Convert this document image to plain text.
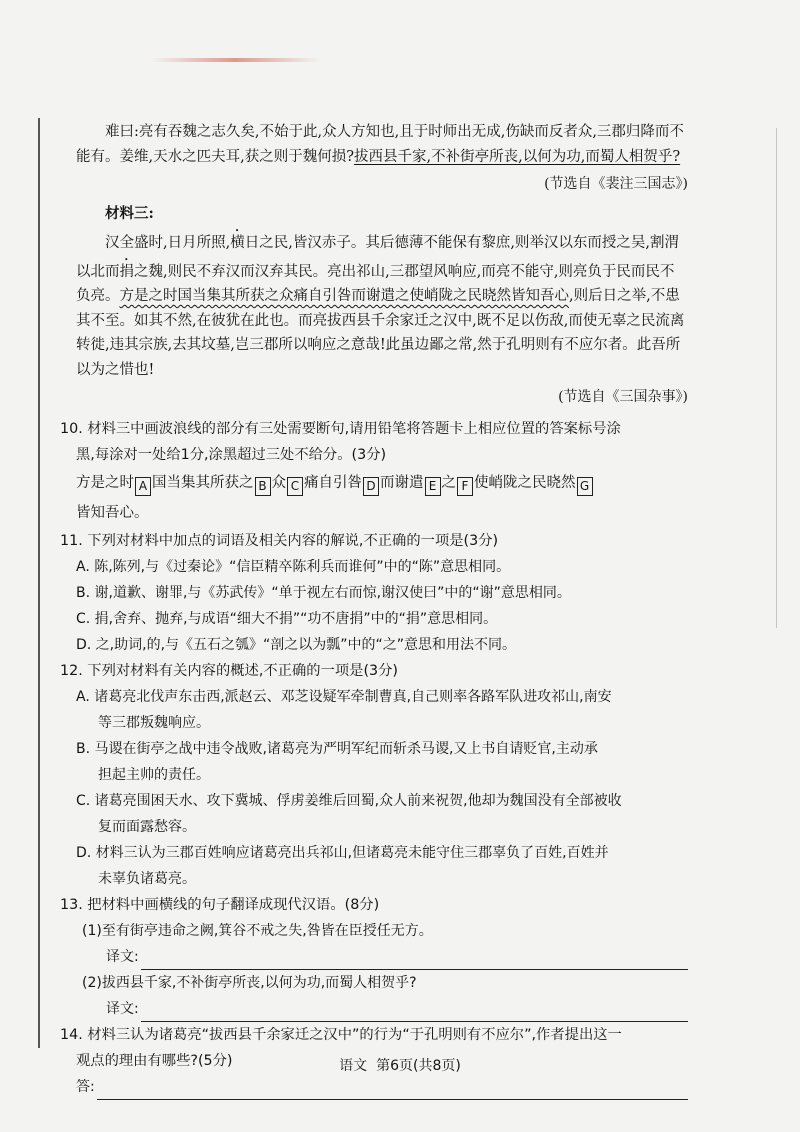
难曰:亮有吞魏之志久矣,不始于此,众人方知也,且于时师出无成,伤缺而反者众,三郡归降而不能有。姜维,天水之匹夫耳,获之则于魏何损?拔西县千家,不补街亭所丧,以何为功,而蜀人相贺乎?

(节选自《裴注三国志》)
材料三:

汉全盛时,日月所照,横日之民,皆汉赤子。其后德薄不能保有黎庶,则举汉以东而授之吴,割渭以北而捐之魏,则民不弃汉而汉弃其民。亮出祁山,三郡望风响应,而亮不能守,则亮负于民而民不负亮。方是之时国当集其所获之众痛自引咎而谢遣之使峭陇之民晓然皆知吾心,则后日之举,不患其不至。如其不然,在彼犹在此也。而亮拔西县千余家迁之汉中,既不足以伤敌,而使无辜之民流离转徙,违其宗族,去其坟墓,岂三郡所以响应之意哉!此虽边鄙之常,然于孔明则有不应尔者。此吾所以为之惜也!

(节选自《三国杂事》)

10. 材料三中画波浪线的部分有三处需要断句,请用铅笔将答题卡上相应位置的答案标号涂

黑,每涂对一处给1分,涂黑超过三处不给分。(3分)

方是之时 A 国当集其所获之 B 众 C 痛自引咎 D 而谢遣 E 之 F 使峭陇之民晓然 G

皆知吾心。

11. 下列对材料中加点的词语及相关内容的解说,不正确的一项是(3分)

A. 陈,陈列,与《过秦论》“信臣精卒陈利兵而谁何”中的“陈”意思相同。

B. 谢,道歉、谢罪,与《苏武传》“单于视左右而惊,谢汉使曰”中的“谢”意思相同。

C. 捐,舍弃、抛弃,与成语“细大不捐”“功不唐捐”中的“捐”意思相同。

D. 之,助词,的,与《五石之瓠》“剖之以为瓢”中的“之”意思和用法不同。

12. 下列对材料有关内容的概述,不正确的一项是(3分)

A. 诸葛亮北伐声东击西,派赵云、邓芝设疑军牵制曹真,自己则率各路军队进攻祁山,南安

等三郡叛魏响应。

B. 马谡在街亭之战中违令战败,诸葛亮为严明军纪而斩杀马谡,又上书自请贬官,主动承

担起主帅的责任。

C. 诸葛亮围困天水、攻下冀城、俘虏姜维后回蜀,众人前来祝贺,他却为魏国没有全部被收

复而面露愁容。

D. 材料三认为三郡百姓响应诸葛亮出兵祁山,但诸葛亮未能守住三郡辜负了百姓,百姓并

未辜负诸葛亮。

13. 把材料中画横线的句子翻译成现代汉语。(8分)

(1)至有街亭违命之阙,箕谷不戒之失,咎皆在臣授任无方。

译文:

(2)拔西县千家,不补街亭所丧,以何为功,而蜀人相贺乎?

译文:

14. 材料三认为诸葛亮“拔西县千余家迁之汉中”的行为“于孔明则有不应尔”,作者提出这一

观点的理由有哪些?(5分)

答:
语文  第6页(共8页)
